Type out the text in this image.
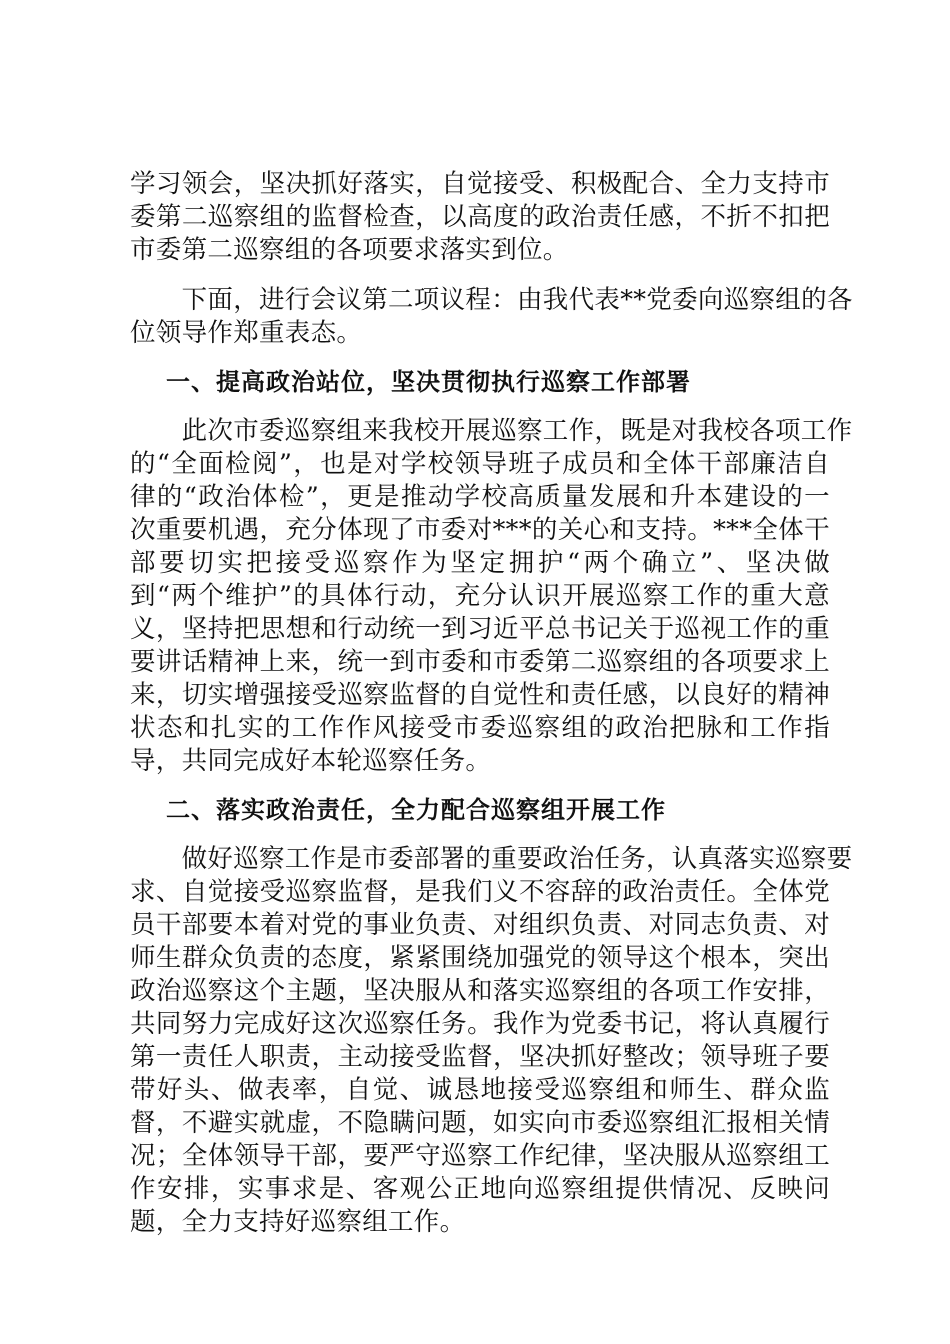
学习领会，坚决抓好落实，自觉接受、积极配合、全力支持市
委第二巡察组的监督检查，以高度的政治责任感，不折不扣把
市委第二巡察组的各项要求落实到位。
　　下面，进行会议第二项议程：由我代表**党委向巡察组的各
位领导作郑重表态。
一、提高政治站位，坚决贯彻执行巡察工作部署
　　此次市委巡察组来我校开展巡察工作，既是对我校各项工作
的“全面检阅”，也是对学校领导班子成员和全体干部廉洁自
律的“政治体检”，更是推动学校高质量发展和升本建设的一
次重要机遇，充分体现了市委对***的关心和支持。***全体干
部要切实把接受巡察作为坚定拥护“两个确立”、坚决做
到“两个维护”的具体行动，充分认识开展巡察工作的重大意
义，坚持把思想和行动统一到习近平总书记关于巡视工作的重
要讲话精神上来，统一到市委和市委第二巡察组的各项要求上
来，切实增强接受巡察监督的自觉性和责任感，以良好的精神
状态和扎实的工作作风接受市委巡察组的政治把脉和工作指
导，共同完成好本轮巡察任务。
二、落实政治责任，全力配合巡察组开展工作
　　做好巡察工作是市委部署的重要政治任务，认真落实巡察要
求、自觉接受巡察监督，是我们义不容辞的政治责任。全体党
员干部要本着对党的事业负责、对组织负责、对同志负责、对
师生群众负责的态度，紧紧围绕加强党的领导这个根本，突出
政治巡察这个主题，坚决服从和落实巡察组的各项工作安排，
共同努力完成好这次巡察任务。我作为党委书记，将认真履行
第一责任人职责，主动接受监督，坚决抓好整改；领导班子要
带好头、做表率，自觉、诚恳地接受巡察组和师生、群众监
督，不避实就虚，不隐瞒问题，如实向市委巡察组汇报相关情
况；全体领导干部，要严守巡察工作纪律，坚决服从巡察组工
作安排，实事求是、客观公正地向巡察组提供情况、反映问
题，全力支持好巡察组工作。
